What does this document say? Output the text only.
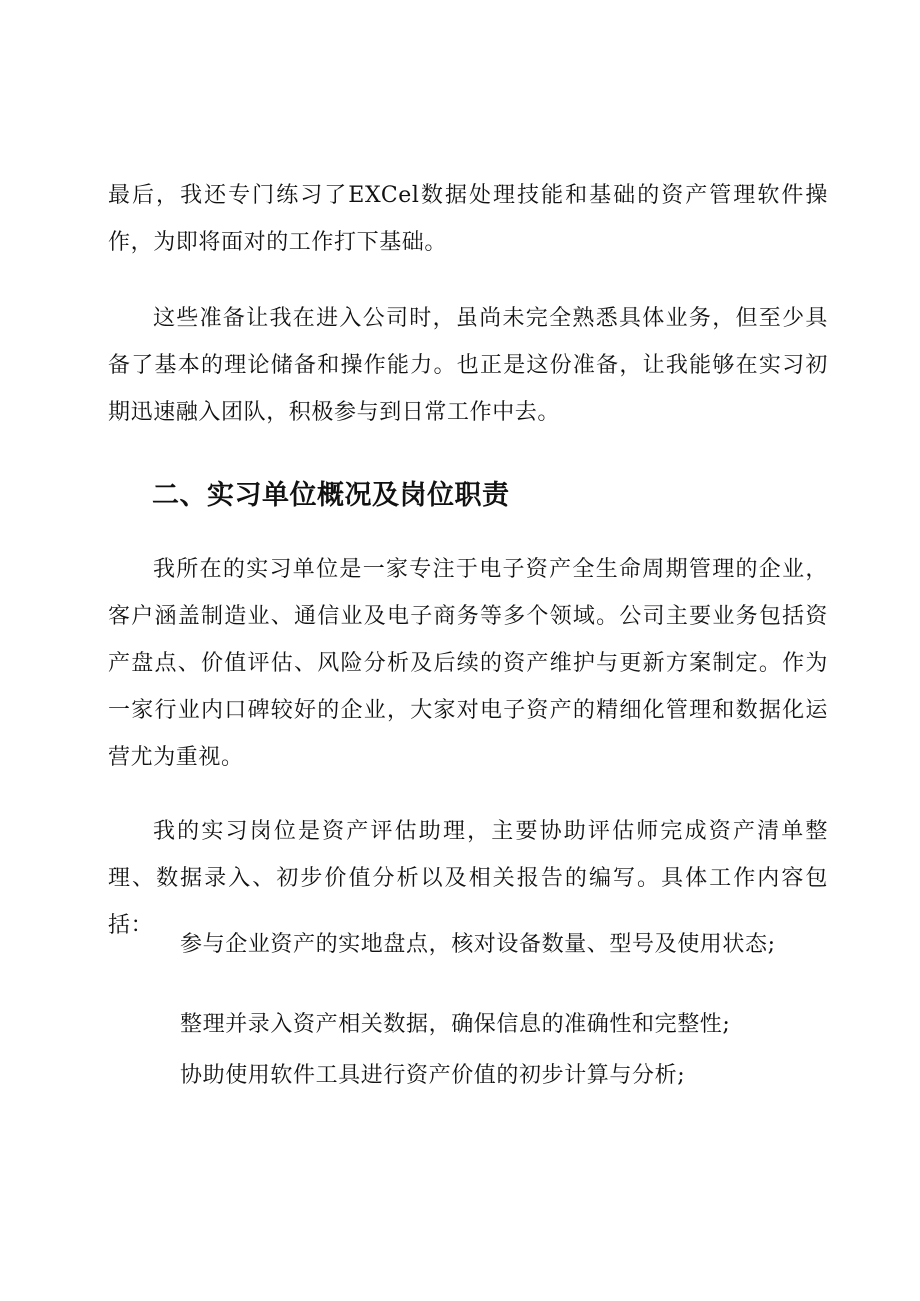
最后，我还专门练习了EXCel数据处理技能和基础的资产管理软件操作，为即将面对的工作打下基础。

这些准备让我在进入公司时，虽尚未完全熟悉具体业务，但至少具备了基本的理论储备和操作能力。也正是这份准备，让我能够在实习初期迅速融入团队，积极参与到日常工作中去。

二、实习单位概况及岗位职责

我所在的实习单位是一家专注于电子资产全生命周期管理的企业，客户涵盖制造业、通信业及电子商务等多个领域。公司主要业务包括资产盘点、价值评估、风险分析及后续的资产维护与更新方案制定。作为一家行业内口碑较好的企业，大家对电子资产的精细化管理和数据化运营尤为重视。

我的实习岗位是资产评估助理，主要协助评估师完成资产清单整理、数据录入、初步价值分析以及相关报告的编写。具体工作内容包括：

参与企业资产的实地盘点，核对设备数量、型号及使用状态;
整理并录入资产相关数据，确保信息的准确性和完整性;
协助使用软件工具进行资产价值的初步计算与分析;
